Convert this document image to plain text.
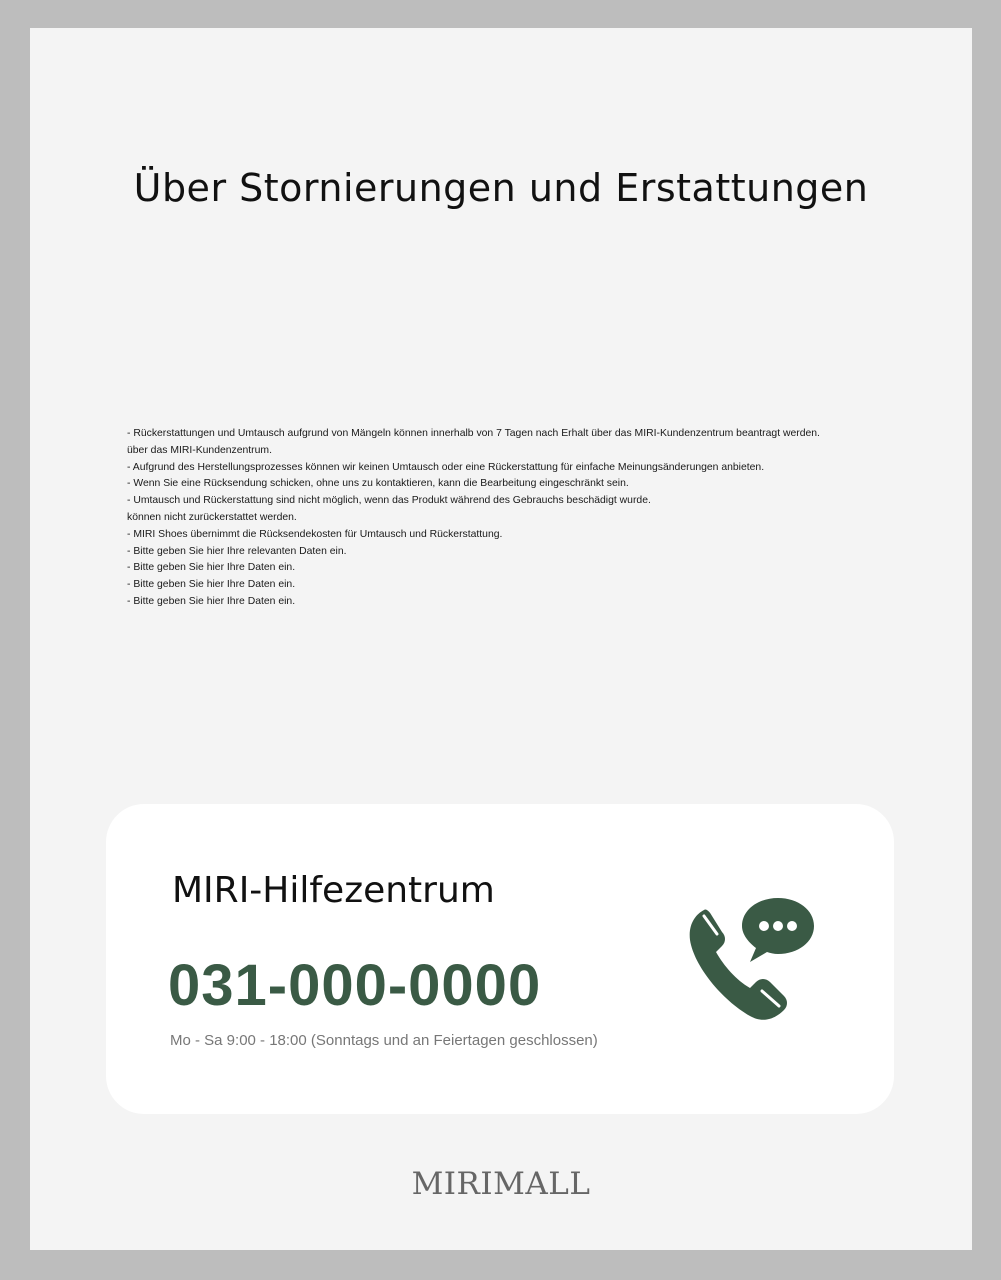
Über Stornierungen und Erstattungen
- Rückerstattungen und Umtausch aufgrund von Mängeln können innerhalb von 7 Tagen nach Erhalt über das MIRI-Kundenzentrum beantragt werden.
über das MIRI-Kundenzentrum.
- Aufgrund des Herstellungsprozesses können wir keinen Umtausch oder eine Rückerstattung für einfache Meinungsänderungen anbieten.
- Wenn Sie eine Rücksendung schicken, ohne uns zu kontaktieren, kann die Bearbeitung eingeschränkt sein.
- Umtausch und Rückerstattung sind nicht möglich, wenn das Produkt während des Gebrauchs beschädigt wurde.
können nicht zurückerstattet werden.
- MIRI Shoes übernimmt die Rücksendekosten für Umtausch und Rückerstattung.
- Bitte geben Sie hier Ihre relevanten Daten ein.
- Bitte geben Sie hier Ihre Daten ein.
- Bitte geben Sie hier Ihre Daten ein.
- Bitte geben Sie hier Ihre Daten ein.
MIRI-Hilfezentrum
031-000-0000
Mo - Sa 9:00 - 18:00 (Sonntags und an Feiertagen geschlossen)
MIRIMALL
